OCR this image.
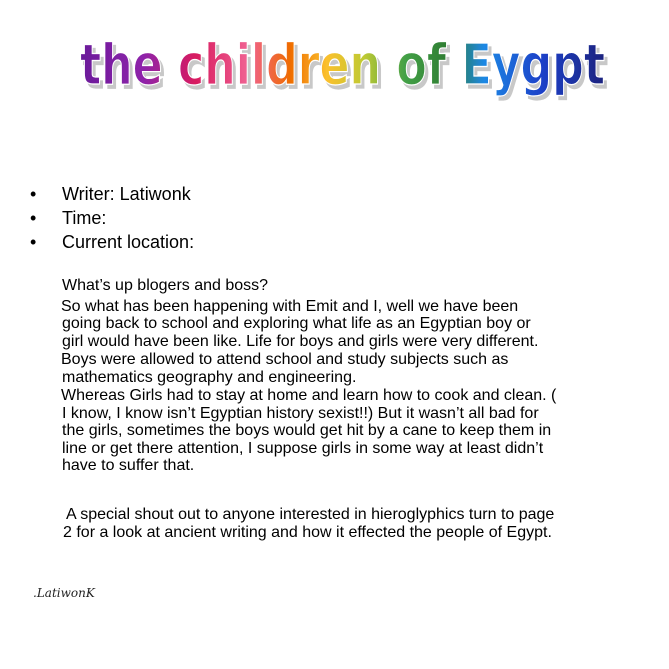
the children of Eygpt
• Writer: Latiwonk
• Time:
• Current location:

What’s up blogers and boss?

So what has been happening with Emit and I, well we have been
going back to school and exploring what life as an Egyptian boy or
girl would have been like. Life for boys and girls were very different.

Boys were allowed to attend school and study subjects such as
mathematics geography and engineering.

Whereas Girls had to stay at home and learn how to cook and clean. (
I know, I know isn’t Egyptian history sexist!!) But it wasn’t all bad for
the girls, sometimes the boys would get hit by a cane to keep them in
line or get there attention, I suppose girls in some way at least didn’t
have to suffer that.

A special shout out to anyone interested in hieroglyphics turn to page
2 for a look at ancient writing and how it effected the people of Egypt.
.LatiwonK
